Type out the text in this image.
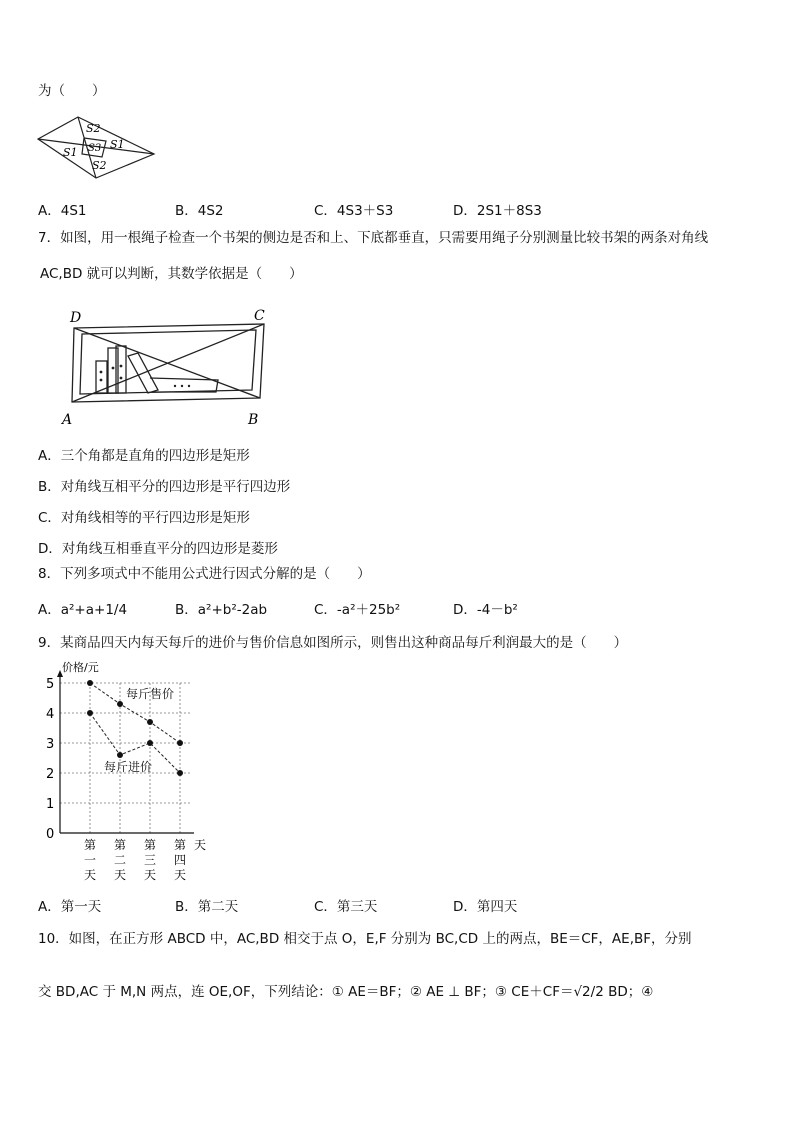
为（　　）
S2
S1
S3
S1
S2
A．4S1	B．4S2	C．4S3＋S3	D．2S1＋8S3
7．如图，用一根绳子检查一个书架的侧边是否和上、下底都垂直，只需要用绳子分别测量比较书架的两条对角线
AC,BD 就可以判断，其数学依据是（　　）
D	C
A	B
A．三个角都是直角的四边形是矩形
B．对角线互相平分的四边形是平行四边形
C．对角线相等的平行四边形是矩形
D．对角线互相垂直平分的四边形是菱形
8．下列多项式中不能用公式进行因式分解的是（　　）
A．a²+a+1/4	B．a²+b²-2ab	C．-a²＋25b²	D．-4－b²
9．某商品四天内每天每斤的进价与售价信息如图所示，则售出这种商品每斤利润最大的是（　　）
价格/元
0
1
2
3
4
5
第
一
天
第
二
天
第
三
天
第
四
天
天
每斤售价
每斤进价
A．第一天	B．第二天	C．第三天	D．第四天
10．如图，在正方形 ABCD 中，AC,BD 相交于点 O，E,F 分别为 BC,CD 上的两点，BE＝CF，AE,BF，分别
交 BD,AC 于 M,N 两点，连 OE,OF，下列结论：① AE＝BF；② AE ⊥ BF；③ CE＋CF＝√2/2 BD；④
